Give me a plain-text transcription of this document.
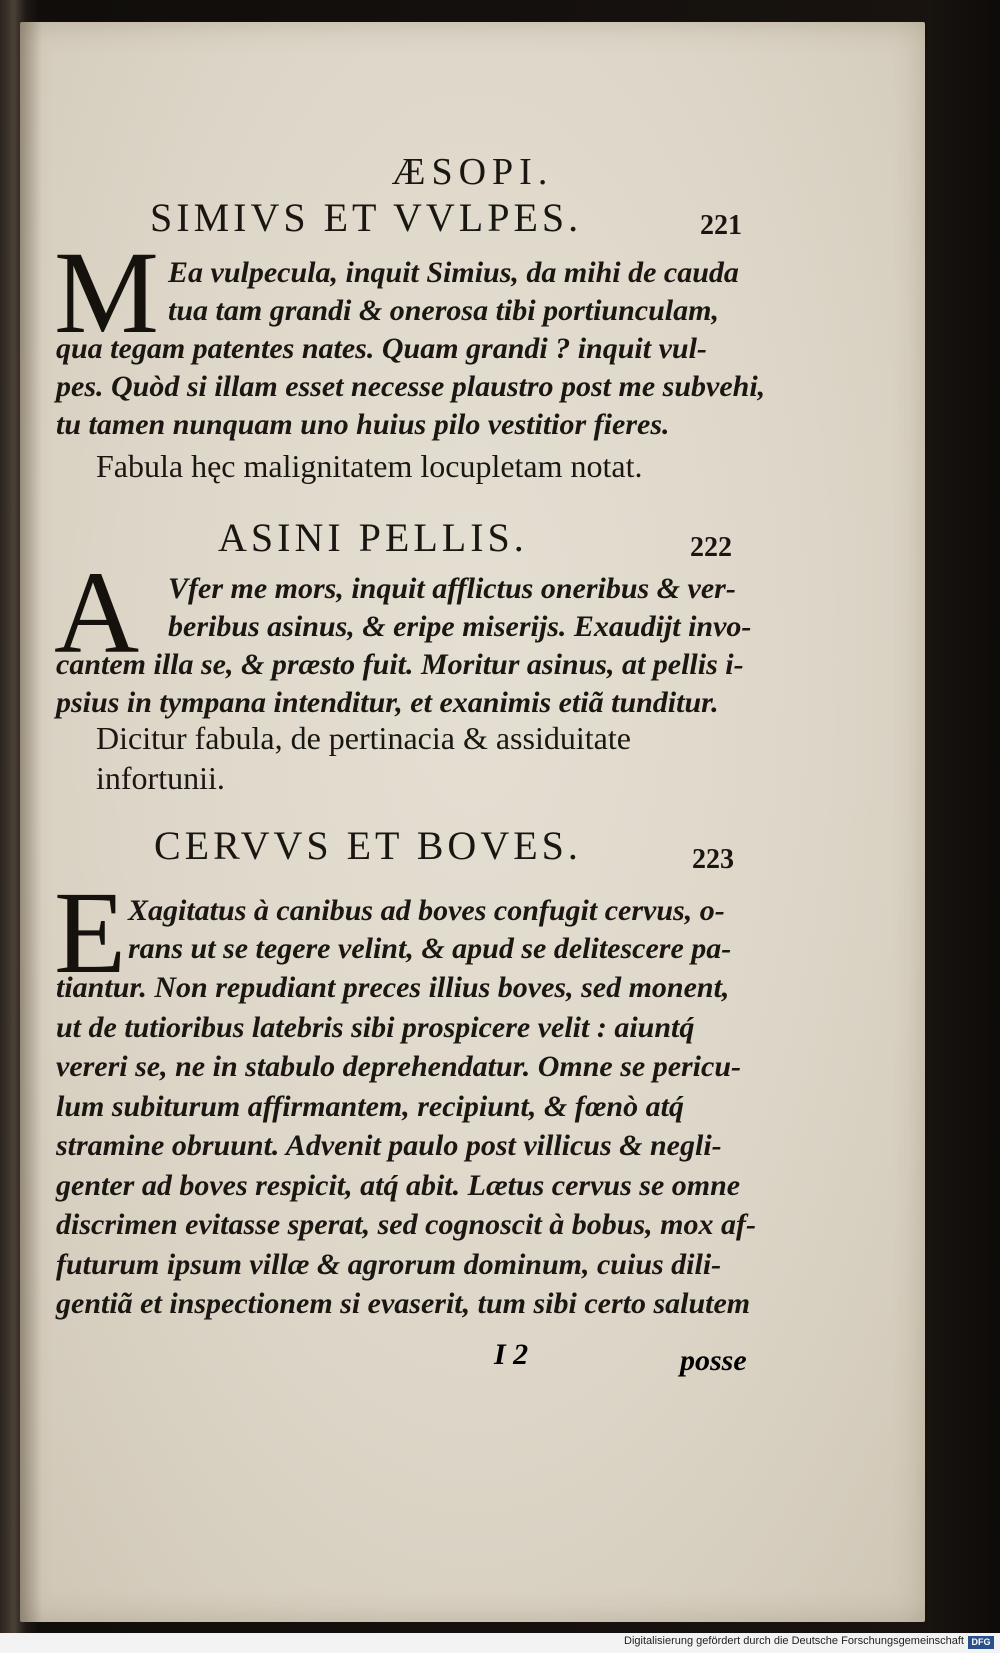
ÆSOPI.
SIMIVS ET VVLPES.	221
M Ea vulpecula, inquit Simius, da mihi de cauda
tua tam grandi & onerosa tibi portiunculam,
qua tegam patentes nates. Quam grandi ? inquit vul-
pes. Quòd si illam esset necesse plaustro post me subvehi,
tu tamen nunquam uno huius pilo vestitior fieres.
Fabula hęc malignitatem locupletam notat.
ASINI PELLIS.	222
A Vfer me mors, inquit afflictus oneribus & ver-
beribus asinus, & eripe miserijs. Exaudijt invo-
cantem illa se, & præsto fuit. Moritur asinus, at pellis i-
psius in tympana intenditur, et exanimis etiã tunditur.
Dicitur fabula, de pertinacia & assiduitate
infortunii.
CERVVS ET BOVES.	223
E Xagitatus à canibus ad boves confugit cervus, o-
rans ut se tegere velint, & apud se delitescere pa-
tiantur. Non repudiant preces illius boves, sed monent,
ut de tutioribus latebris sibi prospicere velit : aiuntq́
vereri se, ne in stabulo deprehendatur. Omne se pericu-
lum subiturum affirmantem, recipiunt, & fœnò atq́
stramine obruunt. Advenit paulo post villicus & negli-
genter ad boves respicit, atq́ abit. Lætus cervus se omne
discrimen evitasse sperat, sed cognoscit à bobus, mox af-
futurum ipsum villæ & agrorum dominum, cuius dili-
gentiã et inspectionem si evaserit, tum sibi certo salutem
I 2	posse
Digitalisierung gefördert durch die Deutsche Forschungsgemeinschaft DFG
